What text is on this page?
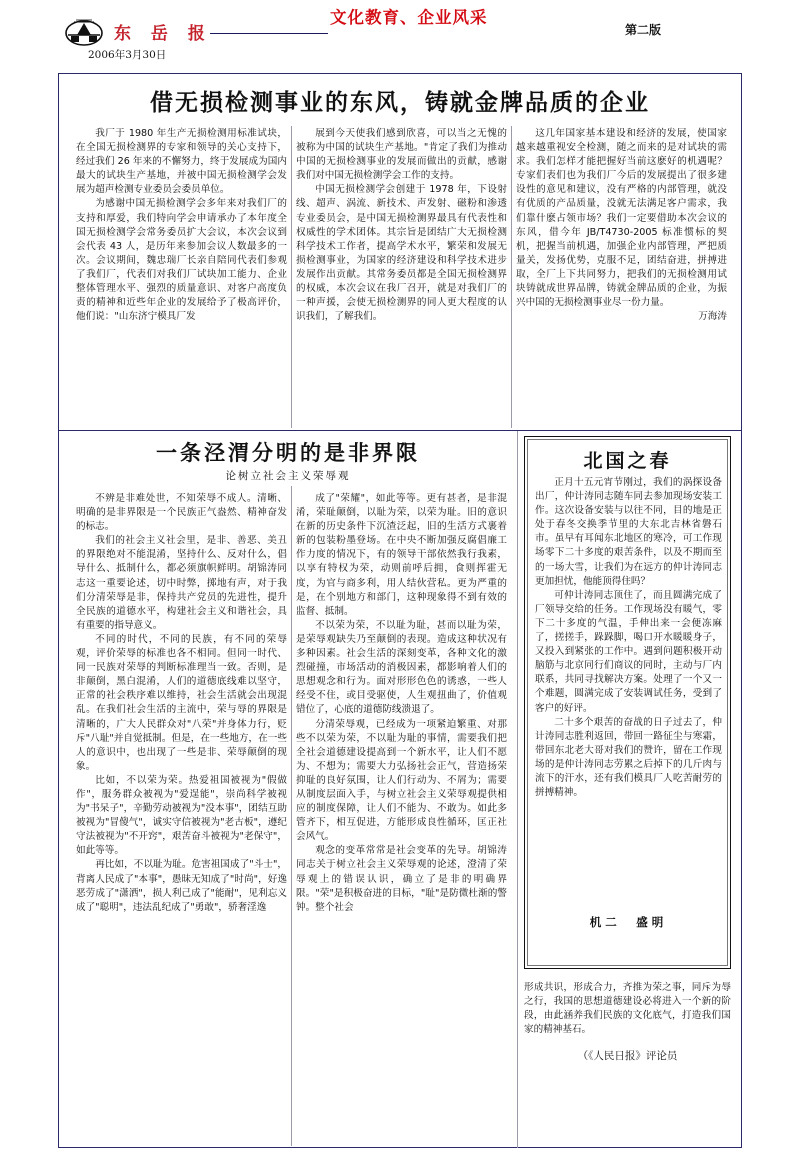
东 岳 报
2006年3月30日
文化教育、企业风采
第二版
借无损检测事业的东风，铸就金牌品质的企业

我厂于 1980 年生产无损检测用标准试块，在全国无损检测界的专家和领导的关心支持下，经过我们 26 年来的不懈努力，终于发展成为国内最大的试块生产基地，并被中国无损检测学会发展为超声检测专业委员会委员单位。

为感谢中国无损检测学会多年来对我们厂的支持和厚爱，我们特向学会申请承办了本年度全国无损检测学会常务委员扩大会议，本次会议到会代表 43 人，是历年来参加会议人数最多的一次。会议期间，魏忠瑞厂长亲自陪同代表们参观了我们厂，代表们对我们厂试块加工能力、企业整体管理水平、强烈的质量意识、对客户高度负责的精神和近些年企业的发展给予了极高评价，他们说："山东济宁模具厂发

展到今天使我们感到欣喜，可以当之无愧的被称为中国的试块生产基地。"肯定了我们为推动中国的无损检测事业的发展而做出的贡献，感谢我们对中国无损检测学会工作的支持。

中国无损检测学会创建于 1978 年，下设射线、超声、涡流、新技术、声发射、磁粉和渗透专业委员会，是中国无损检测界最具有代表性和权威性的学术团体。其宗旨是团结广大无损检测科学技术工作者，提高学术水平，繁荣和发展无损检测事业，为国家的经济建设和科学技术进步发展作出贡献。其常务委员都是全国无损检测界的权威，本次会议在我厂召开，就是对我们厂的一种声援，会使无损检测界的同人更大程度的认识我们，了解我们。

这几年国家基本建设和经济的发展，使国家越来越重视安全检测，随之而来的是对试块的需求。我们怎样才能把握好当前这麽好的机遇呢？专家们表们也为我们厂今后的发展提出了很多建设性的意见和建议，没有严格的内部管理，就没有优质的产品质量，没就无法满足客户需求，我们靠什麽占领市场？我们一定要借助本次会议的东风，借今年 JB/T4730-2005 标准惯标的契机，把握当前机遇，加强企业内部管理，严把质量关，发扬优势，克服不足，团结奋进，拼搏进取，全厂上下共同努力，把我们的无损检测用试块铸就成世界品牌，铸就金牌品质的企业，为振兴中国的无损检测事业尽一份力量。

万海涛

一条泾渭分明的是非界限
论树立社会主义荣辱观

不辨是非难处世，不知荣辱不成人。清晰、明确的是非界限是一个民族正气盎然、精神奋发的标志。

我们的社会主义社会里，是非、善恶、美丑的界限绝对不能混淆，坚持什么、反对什么，倡导什么、抵制什么，都必须旗帜鲜明。胡锦涛同志这一重要论述，切中时弊，掷地有声，对于我们分清荣辱是非，保持共产党员的先进性，提升全民族的道德水平，构建社会主义和谐社会，具有重要的指导意义。

不同的时代，不同的民族，有不同的荣辱观，评价荣辱的标准也各不相同。但同一时代、同一民族对荣辱的判断标准理当一致。否则，是非颠倒，黑白混淆，人们的道德底线难以坚守，正常的社会秩序难以维持，社会生活就会出现混乱。在我们社会生活的主流中，荣与辱的界限是清晰的，广大人民群众对"八荣"并身体力行，贬斥"八耻"并自觉抵制。但是，在一些地方，在一些人的意识中，也出现了一些是非、荣辱颠倒的现象。

比如，不以荣为荣。热爱祖国被视为"假做作"，服务群众被视为"爱逞能"，崇尚科学被视为"书呆子"，辛勤劳动被视为"没本事"，团结互助被视为"冒傻气"，诚实守信被视为"老古板"，遵纪守法被视为"不开窍"，艰苦奋斗被视为"老保守"，如此等等。

再比如，不以耻为耻。危害祖国成了"斗士"，背离人民成了"本事"，愚昧无知成了"时尚"，好逸恶劳成了"潇洒"，损人利己成了"能耐"，见利忘义成了"聪明"，违法乱纪成了"勇敢"，骄奢淫逸

成了"荣耀"，如此等等。更有甚者，是非混淆，荣耻颠倒，以耻为荣，以荣为耻。旧的意识在新的历史条件下沉渣泛起，旧的生活方式裹着新的包装粉墨登场。在中央不断加强反腐倡廉工作力度的情况下，有的领导干部依然我行我素，以享有特权为荣，动则前呼后拥，食则挥霍无度，为官与商多利，用人结伙营私。更为严重的是，在个别地方和部门，这种现象得不到有效的监督、抵制。

不以荣为荣，不以耻为耻，甚而以耻为荣，是荣辱观缺失乃至颠倒的表现。造成这种状况有多种因素。社会生活的深刻变革，各种文化的激烈碰撞，市场活动的消极因素，都影响着人们的思想观念和行为。面对形形色色的诱惑，一些人经受不住，或目受驱使，人生观扭曲了，价值观错位了，心底的道德防线溃退了。

分清荣辱观，已经成为一项紧迫繁重、对那些不以荣为荣，不以耻为耻的事情，需要我们把全社会道德建设提高到一个新水平，让人们不愿为、不想为；需要大力弘扬社会正气，营造扬荣抑耻的良好氛围，让人们行动为、不屑为；需要从制度层面入手，与树立社会主义荣辱观提供相应的制度保障，让人们不能为、不敢为。如此多管齐下，相互促进，方能形成良性循环，匡正社会风气。

观念的变革常常是社会变革的先导。胡锦涛同志关于树立社会主义荣辱观的论述，澄清了荣辱观上的错误认识，确立了是非的明确界限。"荣"是积极奋进的目标，"耻"是防微杜渐的警钟。整个社会

北国之春

正月十五元宵节刚过，我们的涡探设备出厂，仲计涛同志随车同去参加现场安装工作。这次设备安装与以往不同，目的地是正处于春冬交换季节里的大东北吉林省磐石市。虽早有耳闻东北地区的寒冷，可工作现场零下二十多度的艰苦条件，以及不期而至的一场大雪，让我们为在远方的仲计涛同志更加担忧，他能顶得住吗？

可仲计涛同志顶住了，而且圆满完成了厂领导交给的任务。工作现场没有暖气，零下二十多度的气温，手伸出来一会便冻麻了，搓搓手，跺跺脚，喝口开水暖暖身子，又投入到紧张的工作中。遇到问题积极开动脑筋与北京同行们商议的同时，主动与厂内联系，共同寻找解决方案。处理了一个又一个难题，圆满完成了安装调试任务，受到了客户的好评。

二十多个艰苦的奋战的日子过去了，仲计涛同志胜利返回，带回一路征尘与寒霜，带回东北老大哥对我们的赞许，留在工作现场的是仲计涛同志劳累之后掉下的几斤肉与流下的汗水，还有我们模具厂人吃苦耐劳的拼搏精神。

机二　盛明

形成共识，形成合力，齐推为荣之事，同斥为辱之行，我国的思想道德建设必将进入一个新的阶段，由此涵养我们民族的文化底气，打造我们国家的精神基石。

（《人民日报》评论员
